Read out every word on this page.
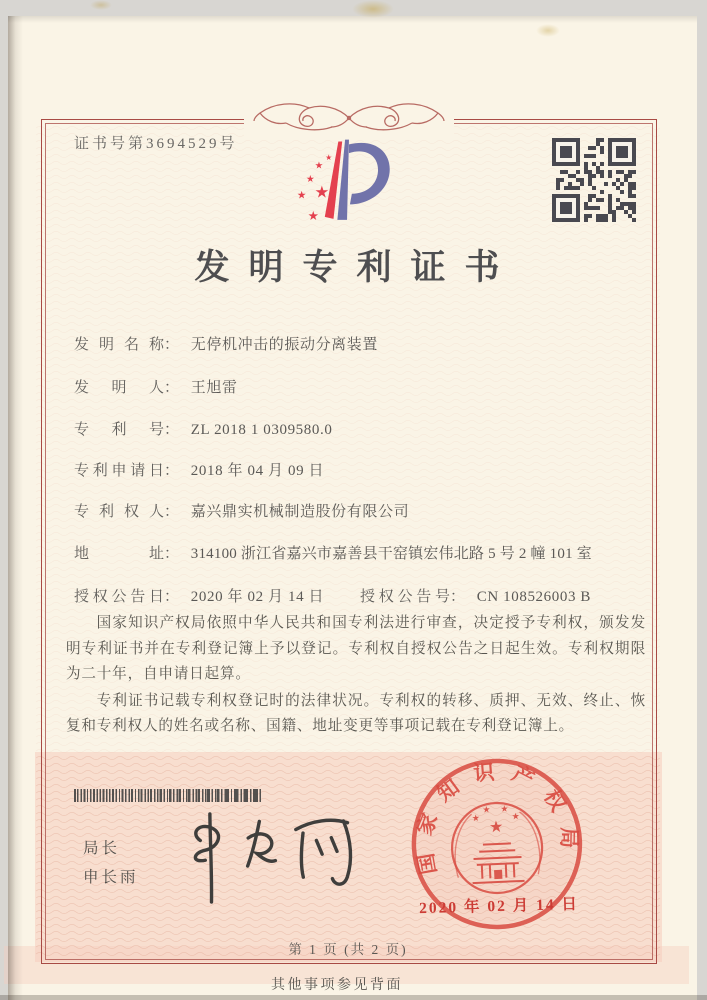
证书号第3694529号
★
★
★
★ ★
★
发明专利证书
发明名称 ： 无停机冲击的振动分离装置
发明人 ： 王旭雷
专利号 ： ZL 2018 1 0309580.0
专利申请日 ： 2018 年 04 月 09 日
专利权人 ： 嘉兴鼎实机械制造股份有限公司
地址 ： 314100 浙江省嘉兴市嘉善县干窑镇宏伟北路 5 号 2 幢 101 室
授权公告日 ： 2020 年 02 月 14 日 授权公告号 ： CN 108526003 B

国家知识产权局依照中华人民共和国专利法进行审查，决定授予专利权，颁发发明专利证书并在专利登记簿上予以登记。专利权自授权公告之日起生效。专利权期限为二十年，自申请日起算。

专利证书记载专利权登记时的法律状况。专利权的转移、质押、无效、终止、恢复和专利权人的姓名或名称、国籍、地址变更等事项记载在专利登记簿上。

局长
申长雨
国家知识产权局
★
★
★ ★
★
2020 年 02 月 14 日
第 1 页 (共 2 页)
其他事项参见背面
